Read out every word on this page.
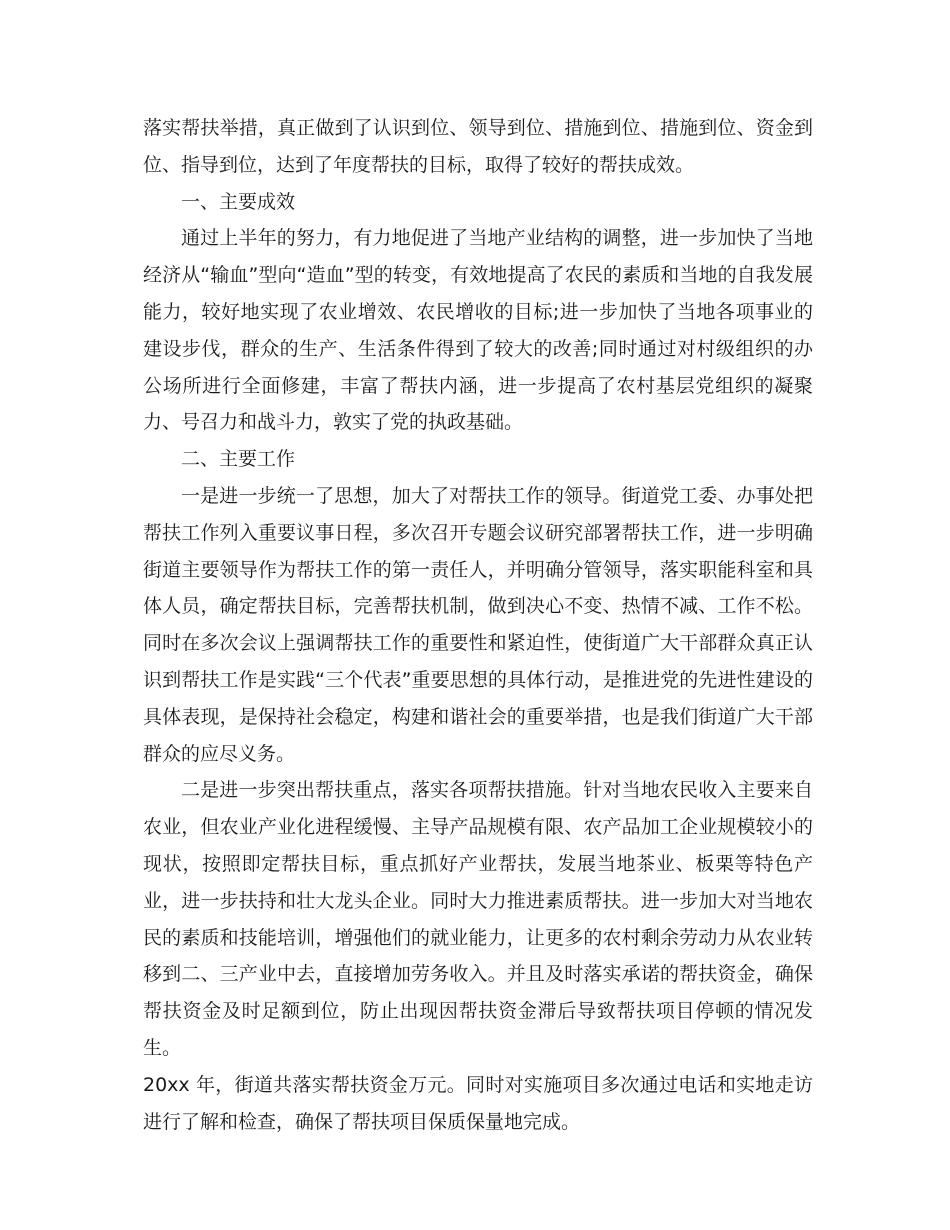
落实帮扶举措，真正做到了认识到位、领导到位、措施到位、措施到位、资金到位、指导到位，达到了年度帮扶的目标，取得了较好的帮扶成效。

一、主要成效

通过上半年的努力，有力地促进了当地产业结构的调整，进一步加快了当地经济从“输血”型向“造血”型的转变，有效地提高了农民的素质和当地的自我发展能力，较好地实现了农业增效、农民增收的目标;进一步加快了当地各项事业的建设步伐，群众的生产、生活条件得到了较大的改善;同时通过对村级组织的办公场所进行全面修建，丰富了帮扶内涵，进一步提高了农村基层党组织的凝聚力、号召力和战斗力，敦实了党的执政基础。

二、主要工作

一是进一步统一了思想，加大了对帮扶工作的领导。街道党工委、办事处把帮扶工作列入重要议事日程，多次召开专题会议研究部署帮扶工作，进一步明确街道主要领导作为帮扶工作的第一责任人，并明确分管领导，落实职能科室和具体人员，确定帮扶目标，完善帮扶机制，做到决心不变、热情不减、工作不松。同时在多次会议上强调帮扶工作的重要性和紧迫性，使街道广大干部群众真正认识到帮扶工作是实践“三个代表”重要思想的具体行动，是推进党的先进性建设的具体表现，是保持社会稳定，构建和谐社会的重要举措，也是我们街道广大干部群众的应尽义务。

二是进一步突出帮扶重点，落实各项帮扶措施。针对当地农民收入主要来自农业，但农业产业化进程缓慢、主导产品规模有限、农产品加工企业规模较小的现状，按照即定帮扶目标，重点抓好产业帮扶，发展当地茶业、板栗等特色产业，进一步扶持和壮大龙头企业。同时大力推进素质帮扶。进一步加大对当地农民的素质和技能培训，增强他们的就业能力，让更多的农村剩余劳动力从农业转移到二、三产业中去，直接增加劳务收入。并且及时落实承诺的帮扶资金，确保帮扶资金及时足额到位，防止出现因帮扶资金滞后导致帮扶项目停顿的情况发生。

20xx 年，街道共落实帮扶资金万元。同时对实施项目多次通过电话和实地走访进行了解和检查，确保了帮扶项目保质保量地完成。
